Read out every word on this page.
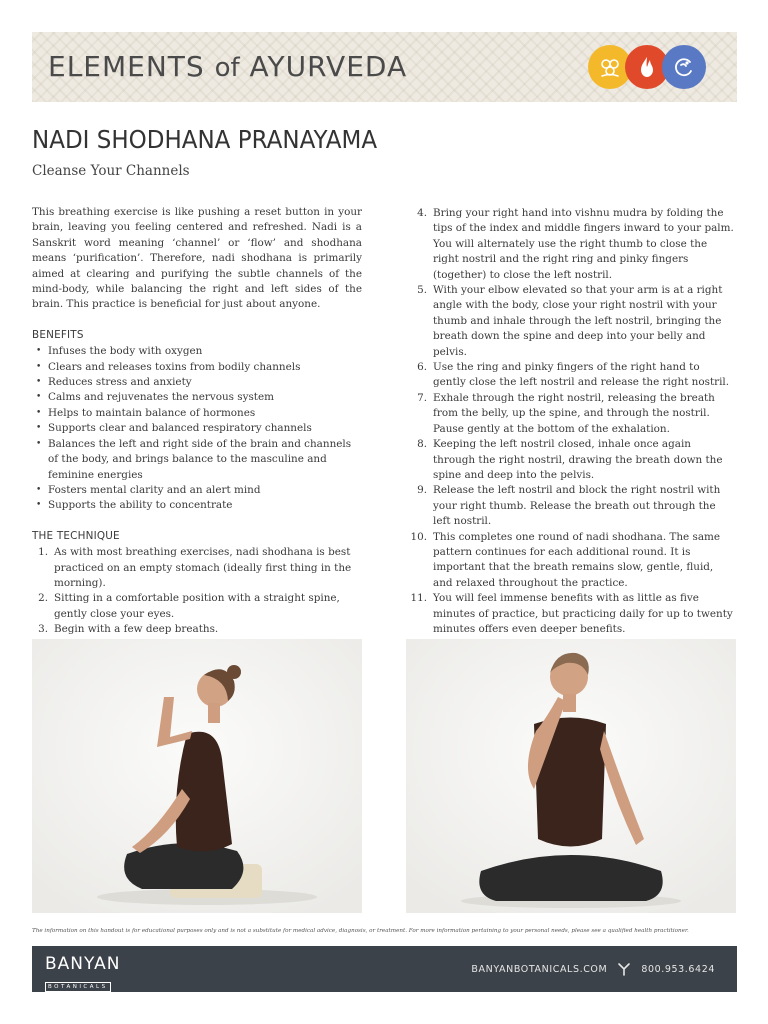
ELEMENTS of AYURVEDA
NADI SHODHANA PRANAYAMA
Cleanse Your Channels

This breathing exercise is like pushing a reset button in your brain, leaving you feeling centered and refreshed. Nadi is a Sanskrit word meaning ‘channel’ or ‘flow’ and shodhana means ‘purification’. Therefore, nadi shodhana is primarily aimed at clearing and purifying the subtle channels of the mind-body, while balancing the right and left sides of the brain. This practice is beneficial for just about anyone.

BENEFITS
• Infuses the body with oxygen
• Clears and releases toxins from bodily channels
• Reduces stress and anxiety
• Calms and rejuvenates the nervous system
• Helps to maintain balance of hormones
• Supports clear and balanced respiratory channels
• Balances the left and right side of the brain and channels of the body, and brings balance to the masculine and feminine energies
• Fosters mental clarity and an alert mind
• Supports the ability to concentrate
THE TECHNIQUE
1. As with most breathing exercises, nadi shodhana is best practiced on an empty stomach (ideally first thing in the morning).
2. Sitting in a comfortable position with a straight spine, gently close your eyes.
3. Begin with a few deep breaths.
4. Bring your right hand into vishnu mudra by folding the tips of the index and middle fingers inward to your palm. You will alternately use the right thumb to close the right nostril and the right ring and pinky fingers (together) to close the left nostril.
5. With your elbow elevated so that your arm is at a right angle with the body, close your right nostril with your thumb and inhale through the left nostril, bringing the breath down the spine and deep into your belly and pelvis.
6. Use the ring and pinky fingers of the right hand to gently close the left nostril and release the right nostril.
7. Exhale through the right nostril, releasing the breath from the belly, up the spine, and through the nostril. Pause gently at the bottom of the exhalation.
8. Keeping the left nostril closed, inhale once again through the right nostril, drawing the breath down the spine and deep into the pelvis.
9. Release the left nostril and block the right nostril with your right thumb. Release the breath out through the left nostril.
10. This completes one round of nadi shodhana. The same pattern continues for each additional round. It is important that the breath remains slow, gentle, fluid, and relaxed throughout the practice.
11. You will feel immense benefits with as little as five minutes of practice, but practicing daily for up to twenty minutes offers even deeper benefits.
The information on this handout is for educational purposes only and is not a substitute for medical advice, diagnosis, or treatment. For more information pertaining to your personal needs, please see a qualified health practitioner.
BANYAN
BOTANICALS
BANYANBOTANICALS.COM	800.953.6424
